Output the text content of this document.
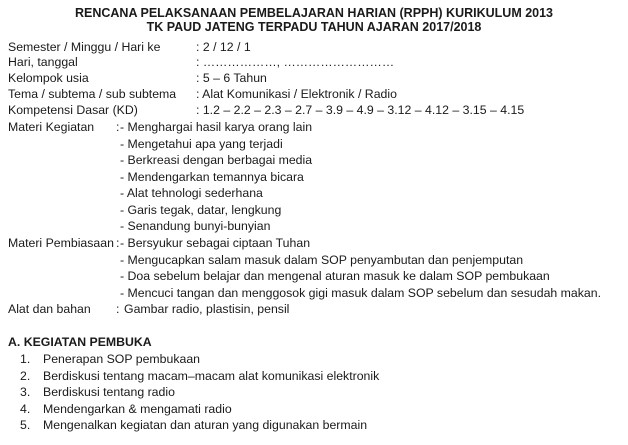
RENCANA PELAKSANAAN PEMBELAJARAN HARIAN (RPPH) KURIKULUM 2013
TK PAUD JATENG TERPADU TAHUN AJARAN 2017/2018
Semester / Minggu / Hari ke	: 2 / 12 / 1
Hari, tanggal	: ………………, ………………………
Kelompok usia	: 5 – 6 Tahun
Tema / subtema / sub subtema : Alat Komunikasi / Elektronik / Radio
Kompetensi Dasar (KD)	: 1.2 – 2.2 – 2.3 – 2.7 – 3.9 – 4.9 – 3.12 – 4.12 – 3.15 – 4.15
Materi Kegiatan : - Menghargai hasil karya orang lain
- Mengetahui apa yang terjadi
- Berkreasi dengan berbagai media
- Mendengarkan temannya bicara
- Alat tehnologi sederhana
- Garis tegak, datar, lengkung
- Senandung bunyi-bunyian
Materi Pembiasaan : - Bersyukur sebagai ciptaan Tuhan
- Mengucapkan salam masuk dalam SOP penyambutan dan penjemputan
- Doa sebelum belajar dan mengenal aturan masuk ke dalam SOP pembukaan
- Mencuci tangan dan menggosok gigi masuk dalam SOP sebelum dan sesudah makan.
Alat dan bahan : Gambar radio, plastisin, pensil
A. KEGIATAN PEMBUKA
1. Penerapan SOP pembukaan
2. Berdiskusi tentang macam–macam alat komunikasi elektronik
3. Berdiskusi tentang radio
4. Mendengarkan & mengamati radio
5. Mengenalkan kegiatan dan aturan yang digunakan bermain
